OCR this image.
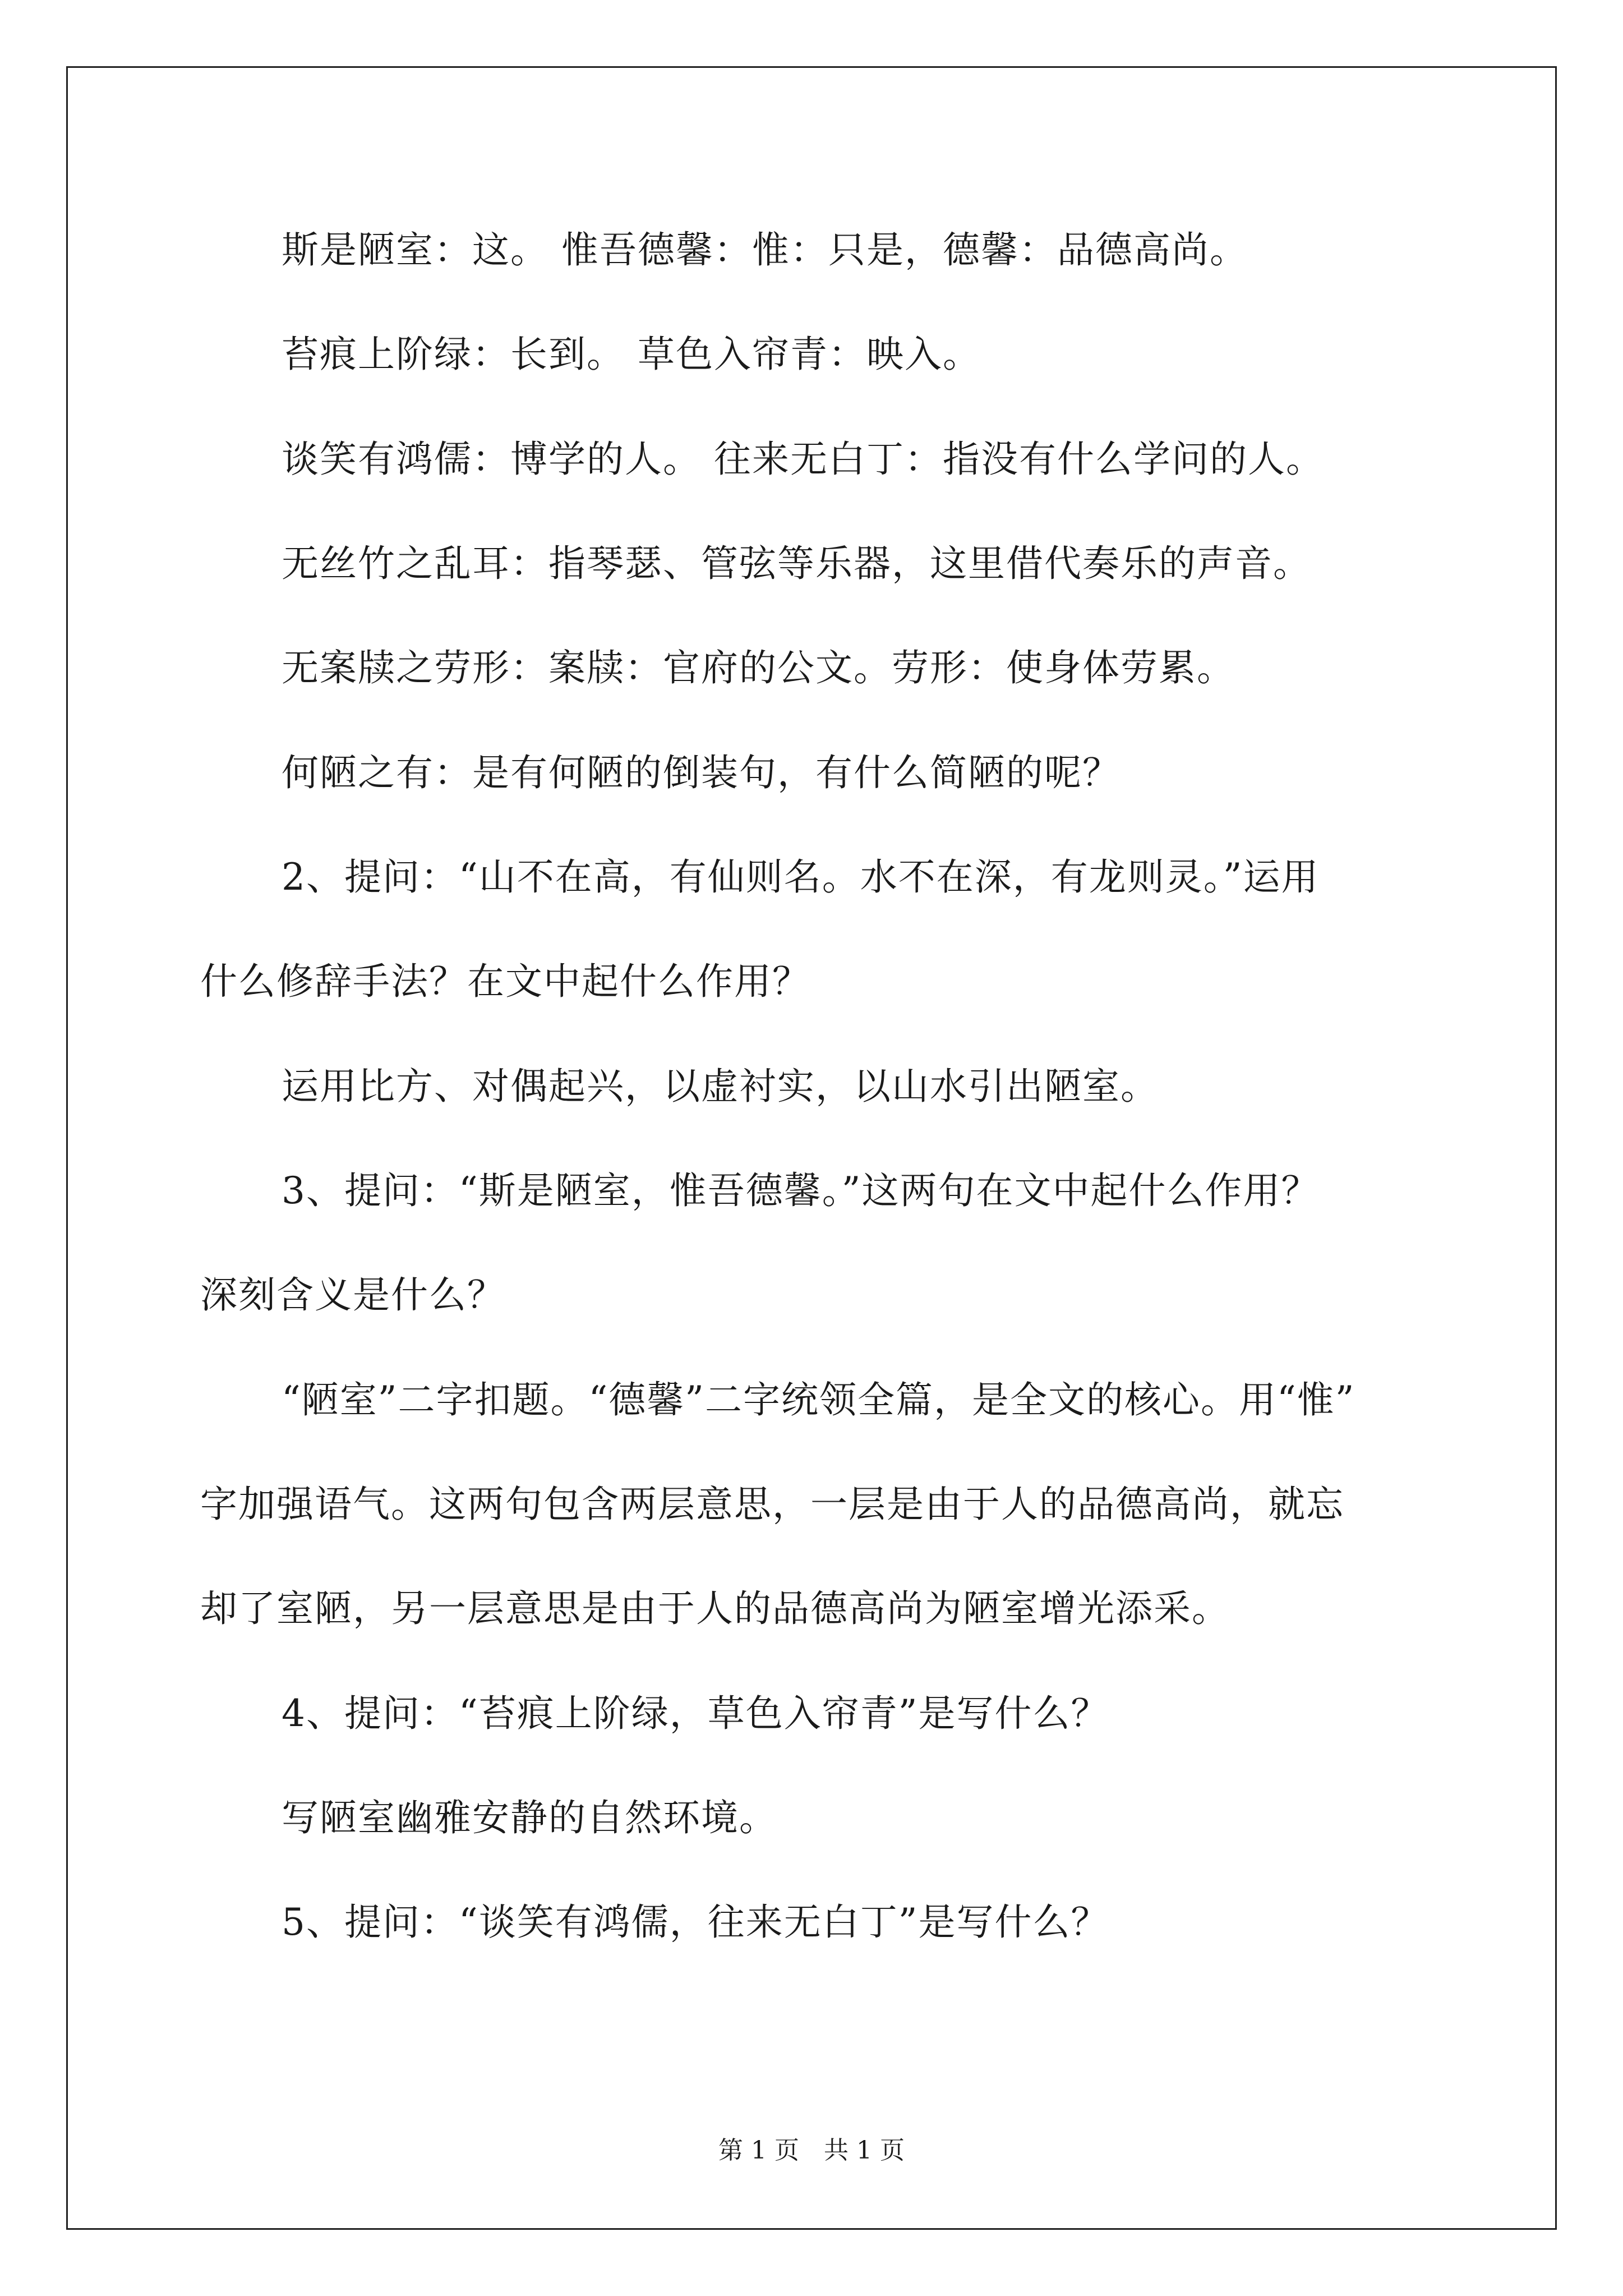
斯是陋室：这。 惟吾德馨：惟：只是，德馨：品德高尚。
苔痕上阶绿：长到。 草色入帘青：映入。
谈笑有鸿儒：博学的人。 往来无白丁：指没有什么学问的人。
无丝竹之乱耳：指琴瑟、管弦等乐器，这里借代奏乐的声音。
无案牍之劳形：案牍：官府的公文。劳形：使身体劳累。
何陋之有：是有何陋的倒装句，有什么简陋的呢？
2、提问：“山不在高，有仙则名。水不在深，有龙则灵。”运用
什么修辞手法？在文中起什么作用？
运用比方、对偶起兴，以虚衬实，以山水引出陋室。
3、提问：“斯是陋室，惟吾德馨。”这两句在文中起什么作用？
深刻含义是什么？
“陋室”二字扣题。“德馨”二字统领全篇，是全文的核心。用“惟”
字加强语气。这两句包含两层意思，一层是由于人的品德高尚，就忘
却了室陋，另一层意思是由于人的品德高尚为陋室增光添采。
4、提问：“苔痕上阶绿，草色入帘青”是写什么？
写陋室幽雅安静的自然环境。
5、提问：“谈笑有鸿儒，往来无白丁”是写什么？
第 1 页　共 1 页
